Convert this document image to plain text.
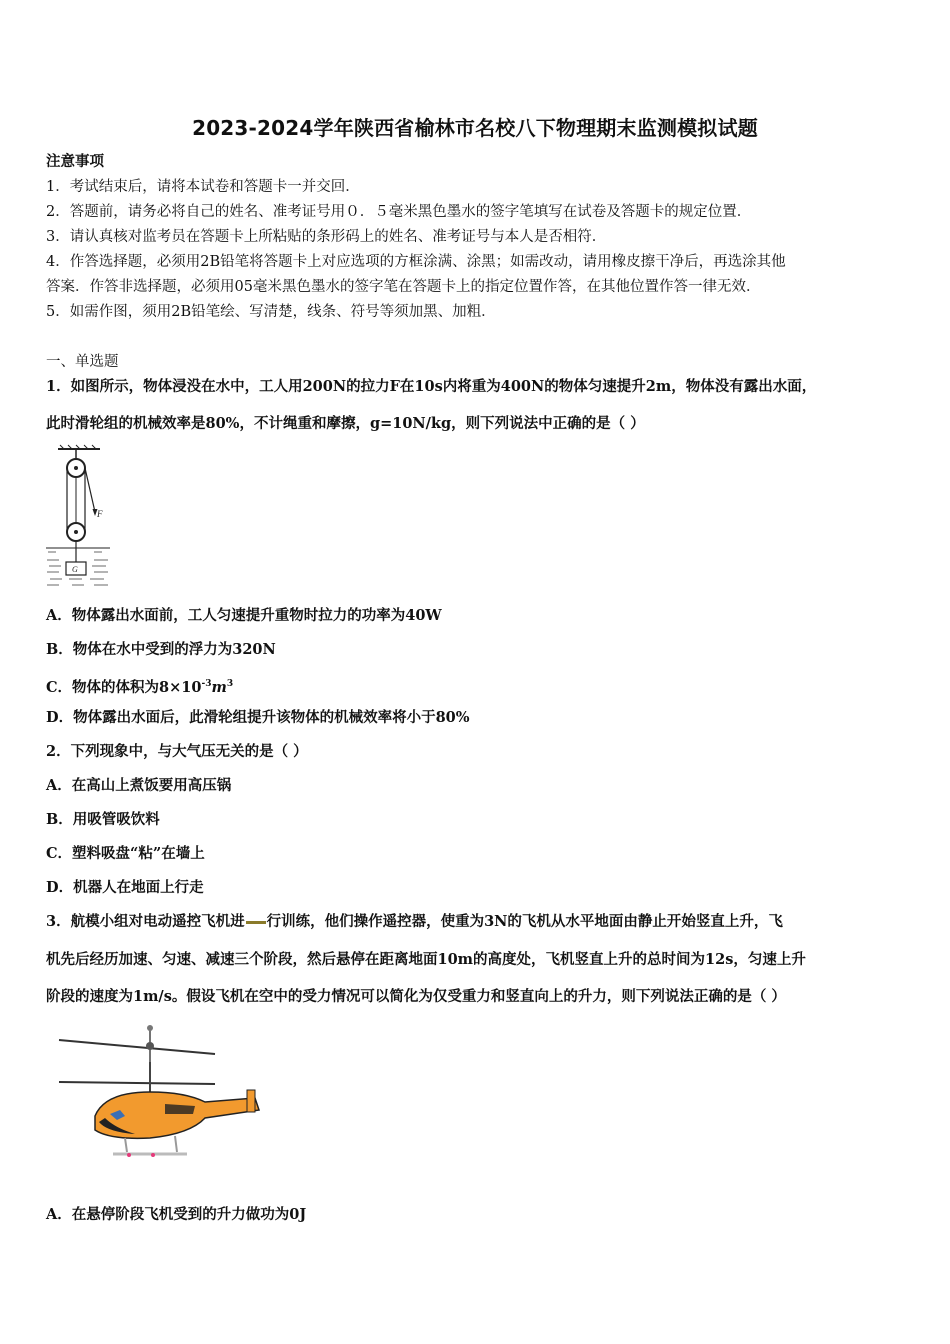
2023-2024学年陕西省榆林市名校八下物理期末监测模拟试题
注意事项
1．考试结束后，请将本试卷和答题卡一并交回．
2．答题前，请务必将自己的姓名、准考证号用０．５毫米黑色墨水的签字笔填写在试卷及答题卡的规定位置．
3．请认真核对监考员在答题卡上所粘贴的条形码上的姓名、准考证号与本人是否相符．
4．作答选择题，必须用2B铅笔将答题卡上对应选项的方框涂满、涂黑；如需改动，请用橡皮擦干净后，再选涂其他
答案．作答非选择题，必须用05毫米黑色墨水的签字笔在答题卡上的指定位置作答，在其他位置作答一律无效．
5．如需作图，须用2B铅笔绘、写清楚，线条、符号等须加黑、加粗．
一、单选题
1．如图所示，物体浸没在水中，工人用200N的拉力F在10s内将重为400N的物体匀速提升2m，物体没有露出水面，
此时滑轮组的机械效率是80%，不计绳重和摩擦，g=10N/kg，则下列说法中正确的是（ ）
F
G
A．物体露出水面前，工人匀速提升重物时拉力的功率为40W
B．物体在水中受到的浮力为320N
C．物体的体积为$8\times 10^{-3}m^3$
D．物体露出水面后，此滑轮组提升该物体的机械效率将小于80%
2．下列现象中，与大气压无关的是（ ）
A．在高山上煮饭要用高压锅
B．用吸管吸饮料
C．塑料吸盘“粘”在墙上
D．机器人在地面上行走
3．航模小组对电动遥控飞机进 行训练，他们操作遥控器，使重为3N的飞机从水平地面由静止开始竖直上升，飞
机先后经历加速、匀速、减速三个阶段，然后悬停在距离地面10m的高度处，飞机竖直上升的总时间为12s，匀速上升
阶段的速度为1m/s。假设飞机在空中的受力情况可以简化为仅受重力和竖直向上的升力，则下列说法正确的是（ ）
A．在悬停阶段飞机受到的升力做功为0J
